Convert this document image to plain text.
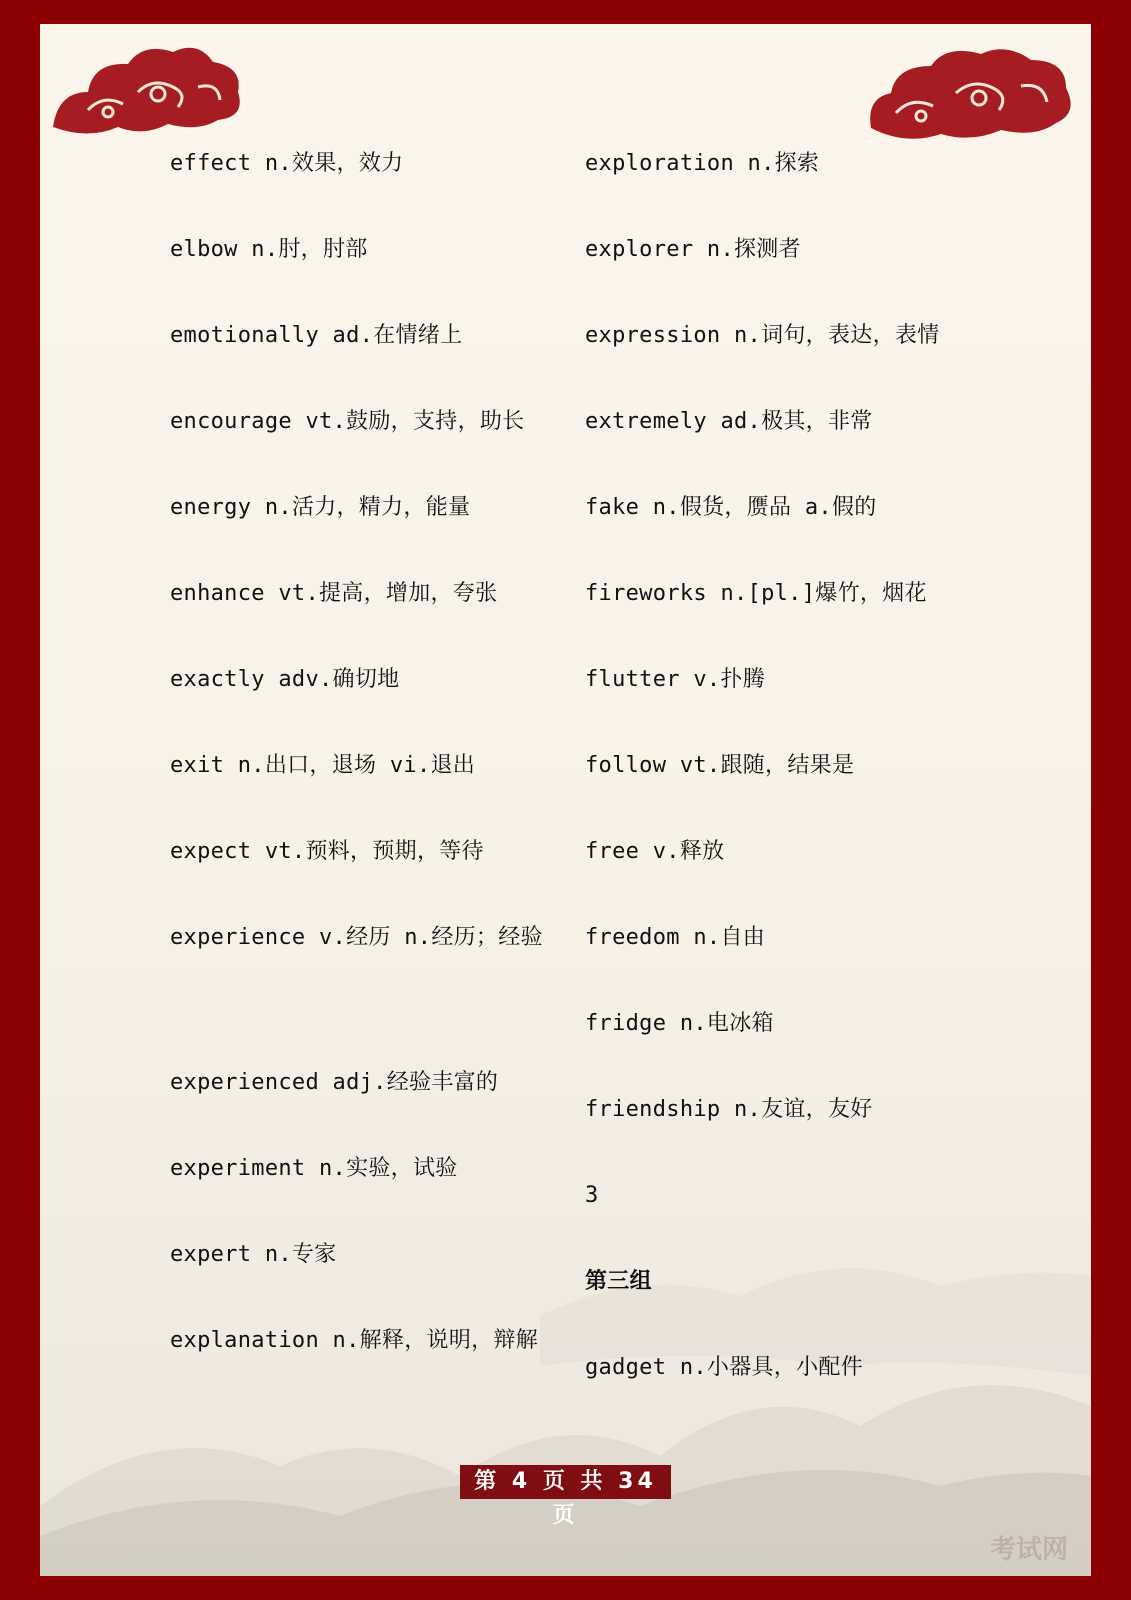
effect n.效果，效力
elbow n.肘，肘部
emotionally ad.在情绪上
encourage vt.鼓励，支持，助长
energy n.活力，精力，能量
enhance vt.提高，增加，夸张
exactly adv.确切地
exit n.出口，退场 vi.退出
expect vt.预料，预期，等待
experience v.经历 n.经历；经验
experienced adj.经验丰富的
experiment n.实验，试验
expert n.专家
explanation n.解释，说明，辩解
exploration n.探索
explorer n.探测者
expression n.词句，表达，表情
extremely ad.极其，非常
fake n.假货，赝品 a.假的
fireworks n.[pl.]爆竹，烟花
flutter v.扑腾
follow vt.跟随，结果是
free v.释放
freedom n.自由
fridge n.电冰箱
friendship n.友谊，友好
3
第三组
gadget n.小器具，小配件
考试网
第 4 页 共 34 页
